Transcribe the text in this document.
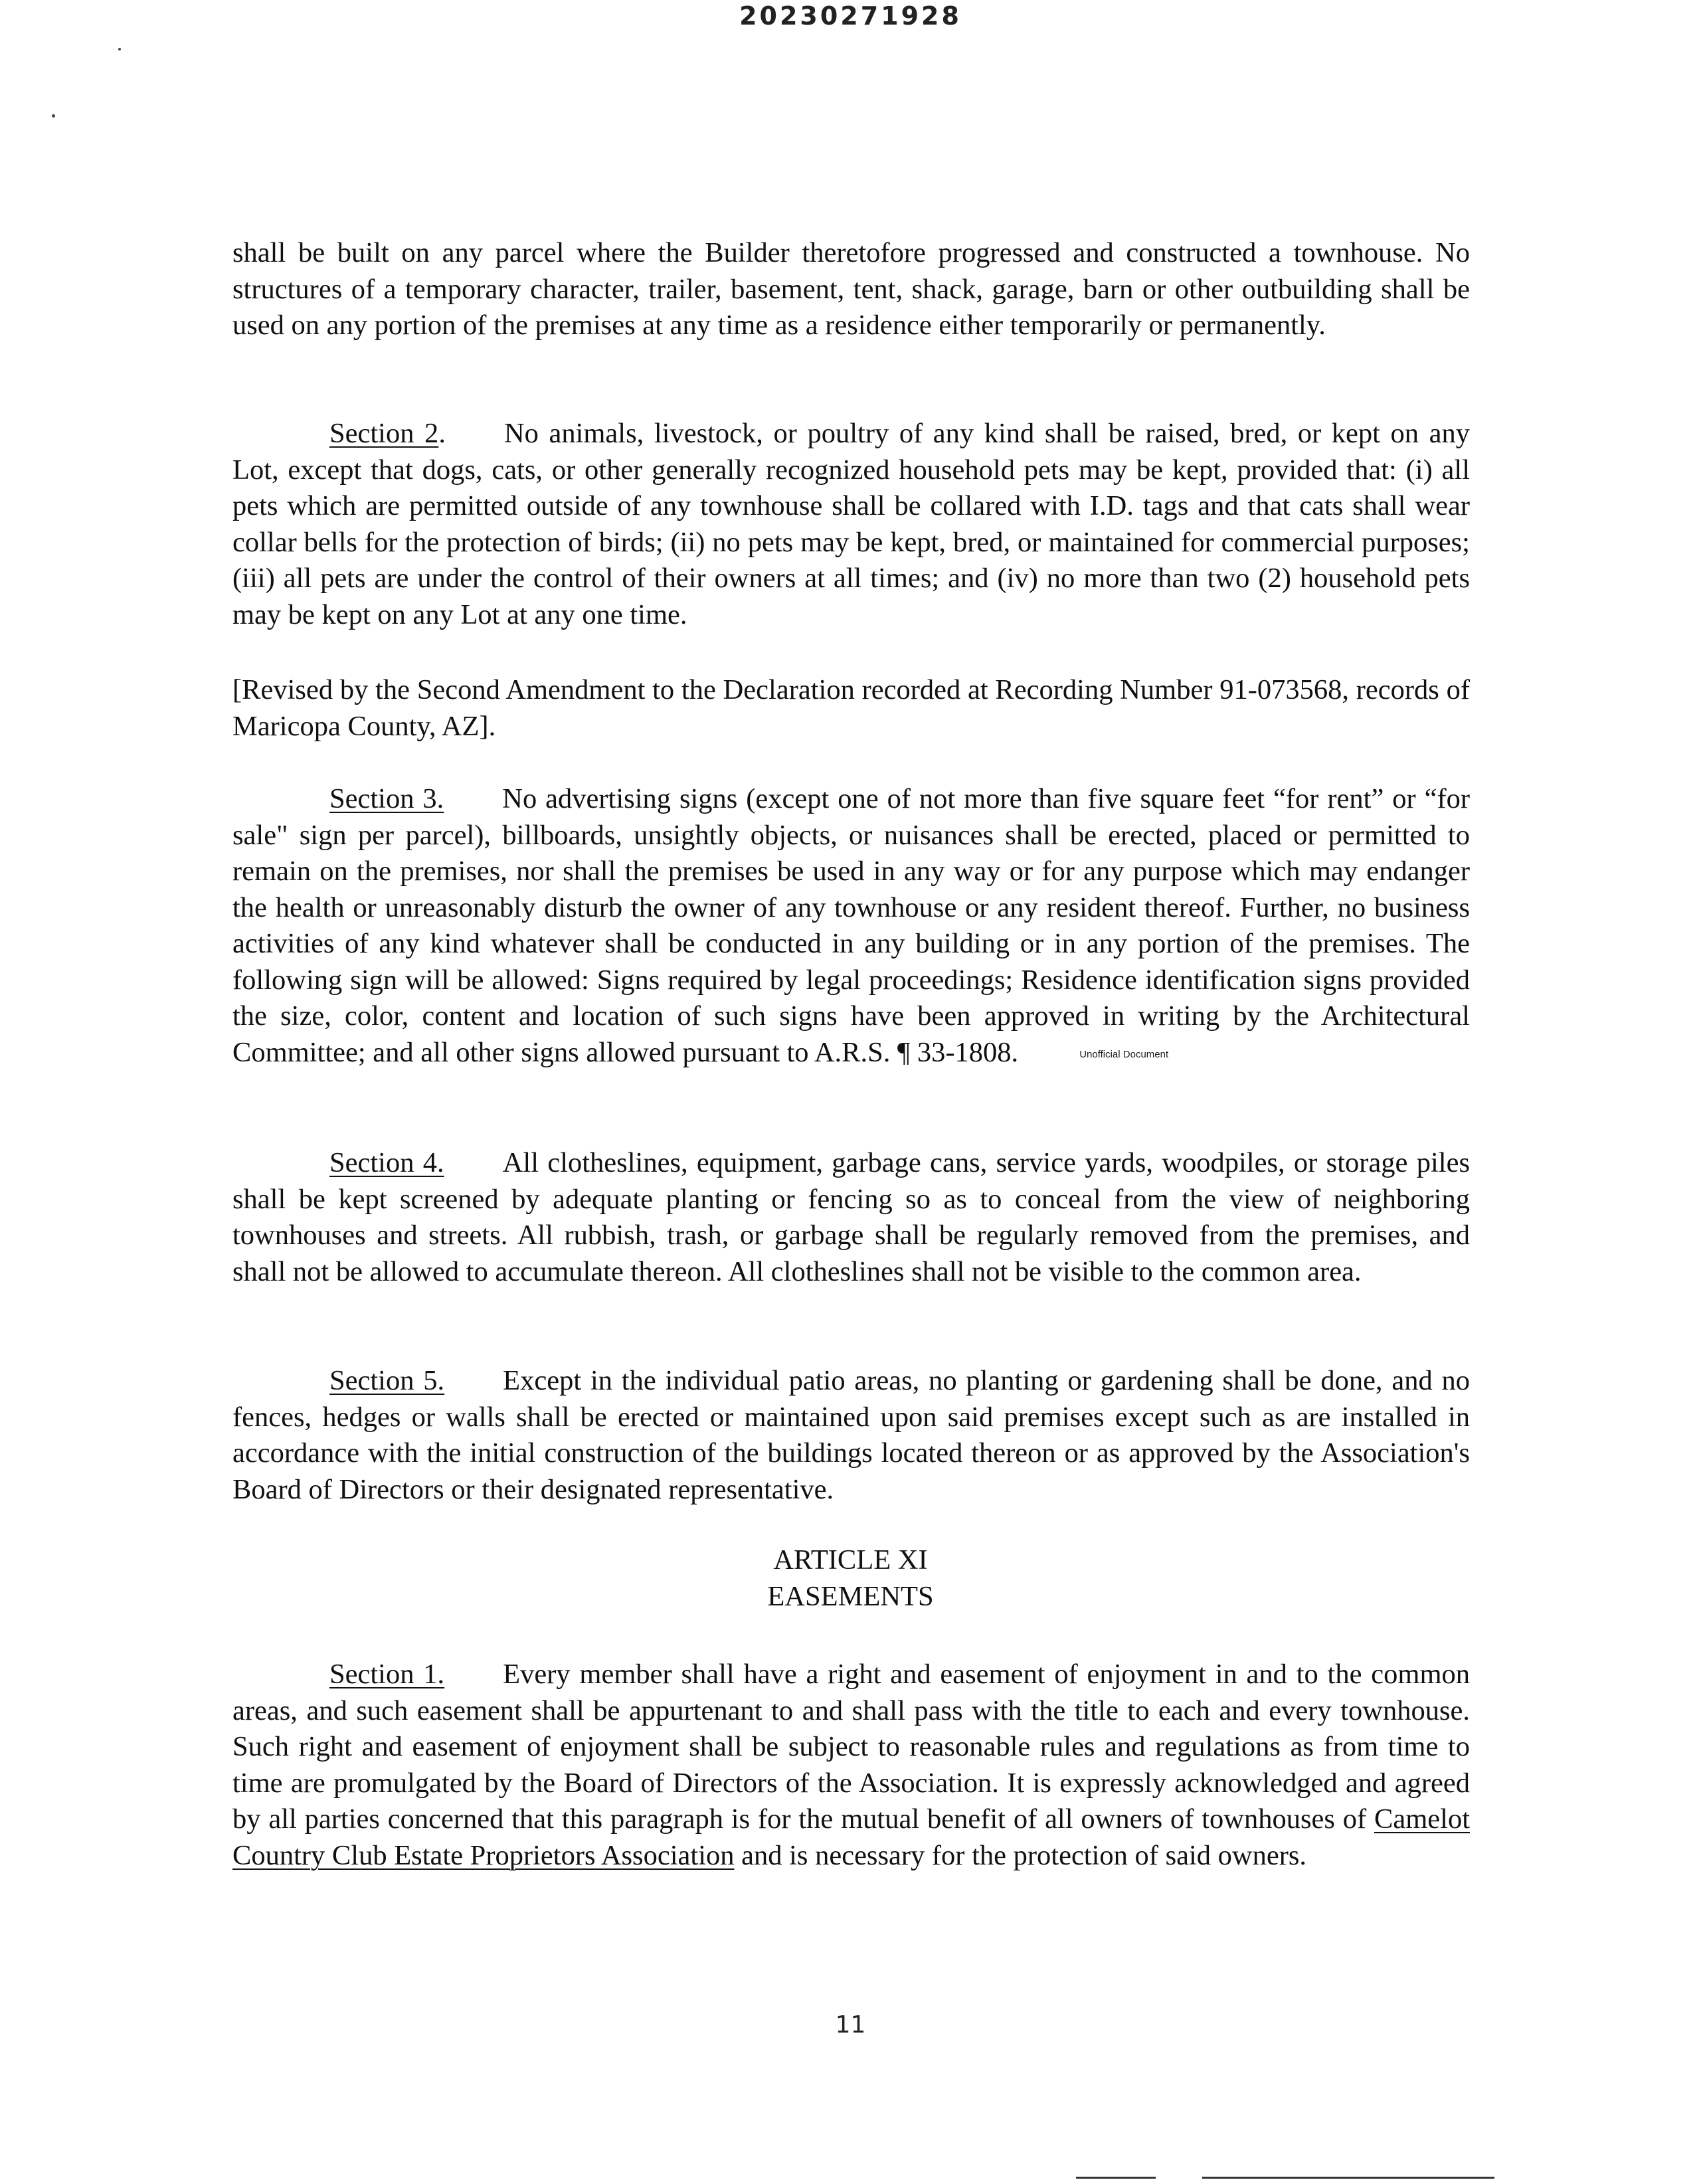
20230271928

shall be built on any parcel where the Builder theretofore progressed and constructed a townhouse. No structures of a temporary character, trailer, basement, tent, shack, garage, barn or other outbuilding shall be used on any portion of the premises at any time as a residence either temporarily or permanently.

Section 2. No animals, livestock, or poultry of any kind shall be raised, bred, or kept on any Lot, except that dogs, cats, or other generally recognized household pets may be kept, provided that: (i) all pets which are permitted outside of any townhouse shall be collared with I.D. tags and that cats shall wear collar bells for the protection of birds; (ii) no pets may be kept, bred, or maintained for commercial purposes; (iii) all pets are under the control of their owners at all times; and (iv) no more than two (2) household pets may be kept on any Lot at any one time.

[Revised by the Second Amendment to the Declaration recorded at Recording Number 91-073568, records of Maricopa County, AZ].

Section 3. No advertising signs (except one of not more than five square feet “for rent” or “for sale" sign per parcel), billboards, unsightly objects, or nuisances shall be erected, placed or permitted to remain on the premises, nor shall the premises be used in any way or for any purpose which may endanger the health or unreasonably disturb the owner of any townhouse or any resident thereof. Further, no business activities of any kind whatever shall be conducted in any building or in any portion of the premises. The following sign will be allowed: Signs required by legal proceedings; Residence identification signs provided the size, color, content and location of such signs have been approved in writing by the Architectural Committee; and all other signs allowed pursuant to A.R.S. ¶ 33-1808.	Unofficial Document

Section 4. All clotheslines, equipment, garbage cans, service yards, woodpiles, or storage piles shall be kept screened by adequate planting or fencing so as to conceal from the view of neighboring townhouses and streets. All rubbish, trash, or garbage shall be regularly removed from the premises, and shall not be allowed to accumulate thereon. All clotheslines shall not be visible to the common area.

Section 5. Except in the individual patio areas, no planting or gardening shall be done, and no fences, hedges or walls shall be erected or maintained upon said premises except such as are installed in accordance with the initial construction of the buildings located thereon or as approved by the Association's Board of Directors or their designated representative.

ARTICLE XI
EASEMENTS

Section 1. Every member shall have a right and easement of enjoyment in and to the common areas, and such easement shall be appurtenant to and shall pass with the title to each and every townhouse. Such right and easement of enjoyment shall be subject to reasonable rules and regulations as from time to time are promulgated by the Board of Directors of the Association. It is expressly acknowledged and agreed by all parties concerned that this paragraph is for the mutual benefit of all owners of townhouses of Camelot Country Club Estate Proprietors Association and is necessary for the protection of said owners.

11
